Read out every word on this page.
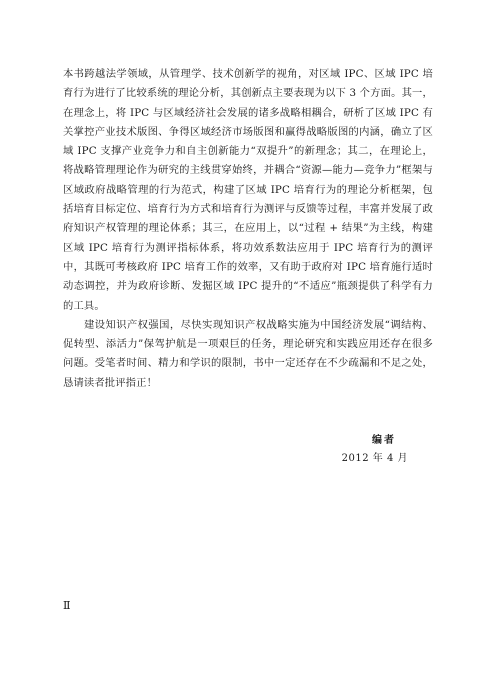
本书跨越法学领域，从管理学、技术创新学的视角，对区域 IPC、区域 IPC 培育行为进行了比较系统的理论分析，其创新点主要表现为以下 3 个方面。其一，在理念上，将 IPC 与区域经济社会发展的诸多战略相耦合，研析了区域 IPC 有关掌控产业技术版图、争得区域经济市场版图和赢得战略版图的内涵，确立了区域 IPC 支撑产业竞争力和自主创新能力“双提升”的新理念；其二，在理论上，将战略管理理论作为研究的主线贯穿始终，并耦合“资源—能力—竞争力”框架与区域政府战略管理的行为范式，构建了区域 IPC 培育行为的理论分析框架，包括培育目标定位、培育行为方式和培育行为测评与反馈等过程，丰富并发展了政府知识产权管理的理论体系；其三，在应用上，以“过程 + 结果”为主线，构建区域 IPC 培育行为测评指标体系，将功效系数法应用于 IPC 培育行为的测评中，其既可考核政府 IPC 培育工作的效率，又有助于政府对 IPC 培育施行适时动态调控，并为政府诊断、发掘区域 IPC 提升的“不适应”瓶颈提供了科学有力的工具。

建设知识产权强国，尽快实现知识产权战略实施为中国经济发展“调结构、促转型、添活力”保驾护航是一项艰巨的任务，理论研究和实践应用还存在很多问题。受笔者时间、精力和学识的限制，书中一定还存在不少疏漏和不足之处，恳请读者批评指正！

编者
2012 年 4 月
Ⅱ
